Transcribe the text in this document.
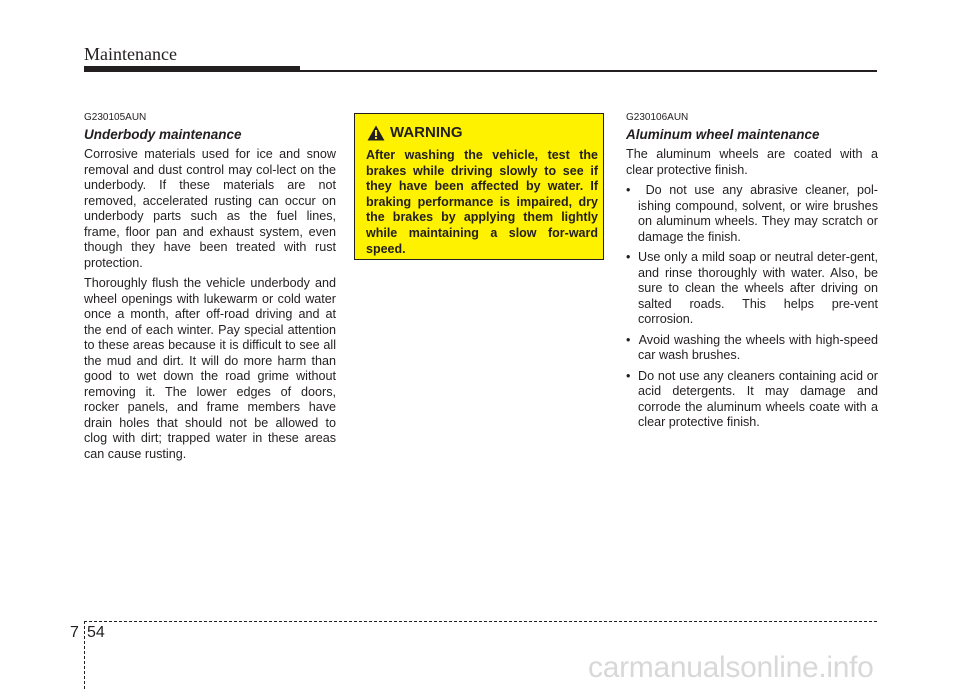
Maintenance

G230105AUN

Underbody maintenance

Corrosive materials used for ice and snow removal and dust control may col-lect on the underbody. If these materials are not removed, accelerated rusting can occur on underbody parts such as the fuel lines, frame, floor pan and exhaust system, even though they have been treated with rust protection.

Thoroughly flush the vehicle underbody and wheel openings with lukewarm or cold water once a month, after off-road driving and at the end of each winter. Pay special attention to these areas because it is difficult to see all the mud and dirt. It will do more harm than good to wet down the road grime without removing it. The lower edges of doors, rocker panels, and frame members have drain holes that should not be allowed to clog with dirt; trapped water in these areas can cause rusting.

WARNING
After washing the vehicle, test the brakes while driving slowly to see if they have been affected by water. If braking performance is impaired, dry the brakes by applying them lightly while maintaining a slow for-ward speed.

G230106AUN

Aluminum wheel maintenance

The aluminum wheels are coated with a clear protective finish.

•  Do not use any abrasive cleaner, pol-ishing compound, solvent, or wire brushes on aluminum wheels. They may scratch or damage the finish.
•  Use only a mild soap or neutral deter-gent, and rinse thoroughly with water. Also, be sure to clean the wheels after driving on salted roads. This helps pre-vent corrosion.
•  Avoid washing the wheels with high-speed car wash brushes.
•  Do not use any cleaners containing acid or acid detergents. It may damage and corrode the aluminum wheels coate with a clear protective finish.
7 54
carmanualsonline.info
